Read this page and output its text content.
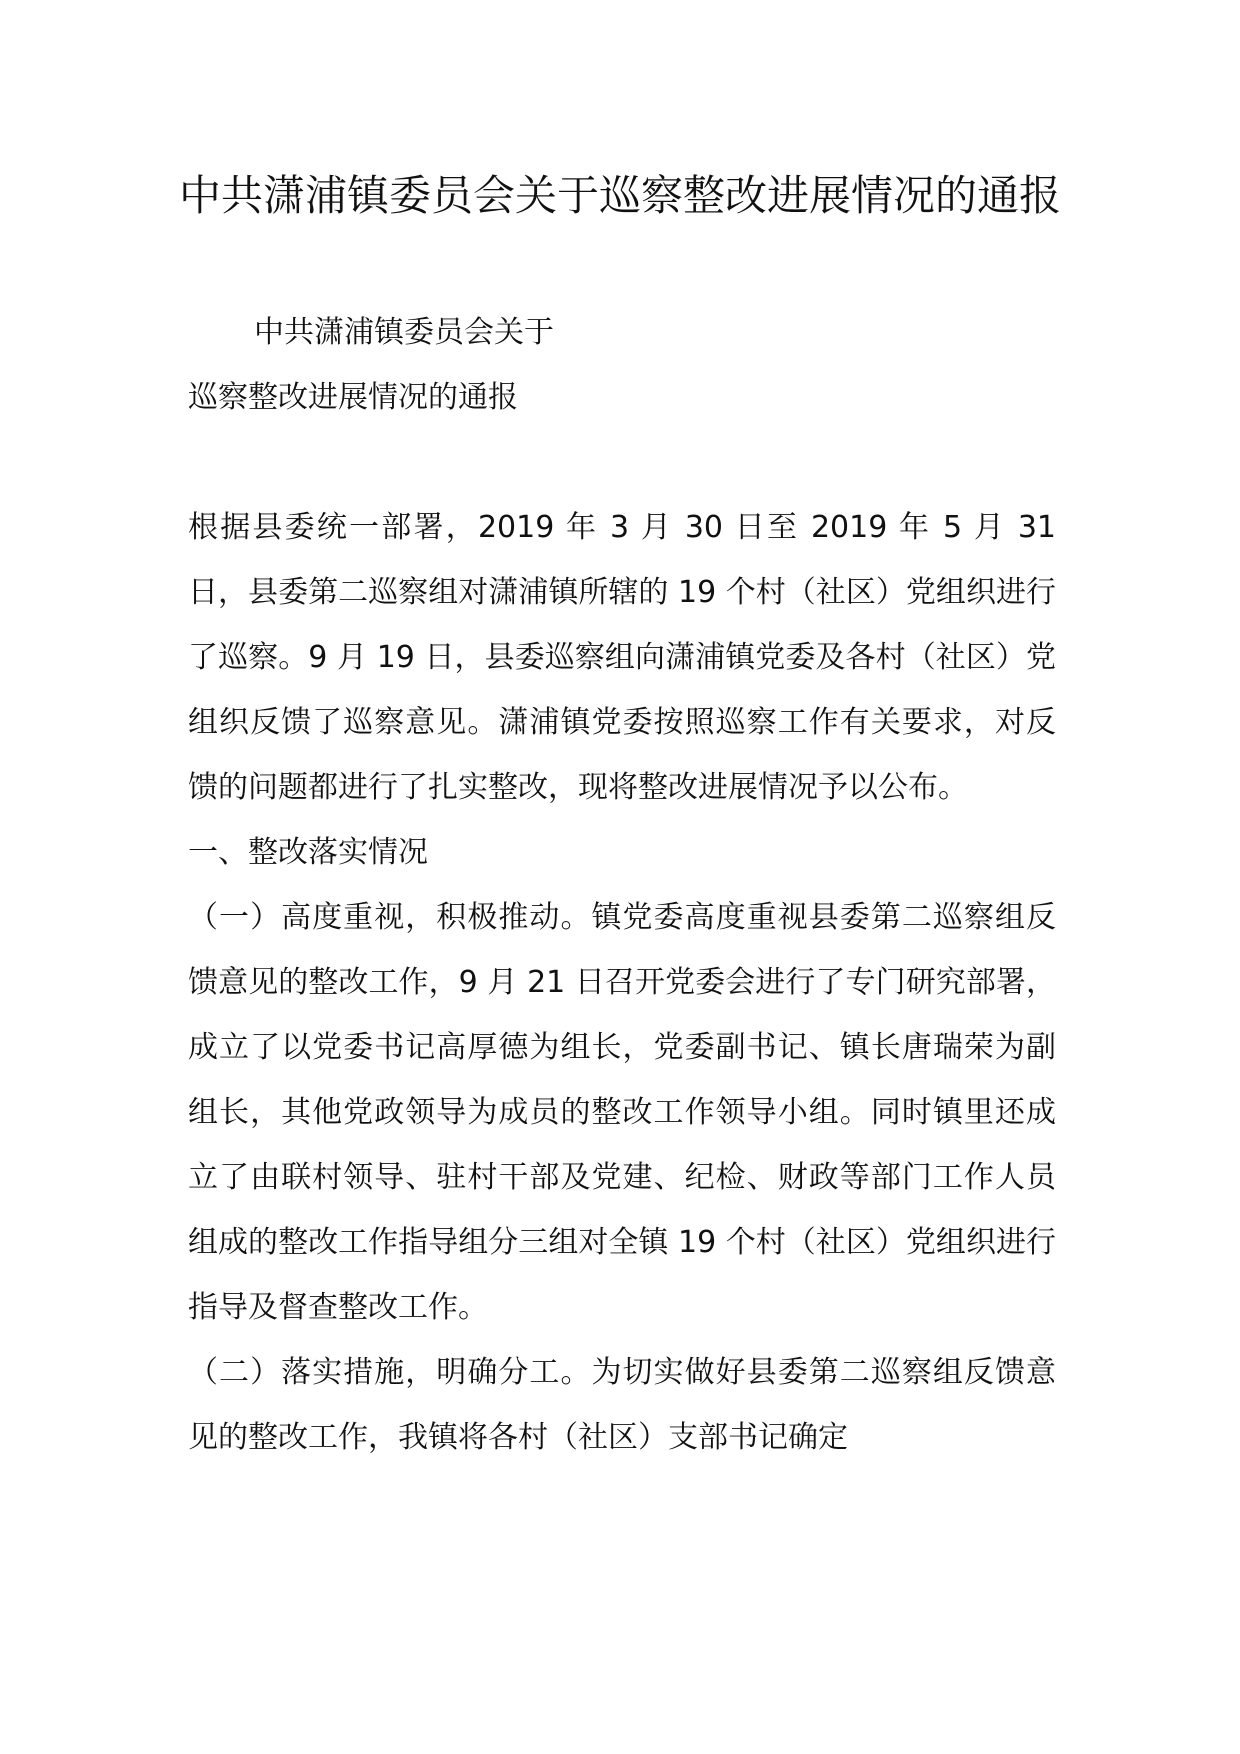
中共潇浦镇委员会关于巡察整改进展情况的通报

中共潇浦镇委员会关于

巡察整改进展情况的通报

根据县委统一部署，2019 年 3 月 30 日至 2019 年 5 月 31 日，县委第二巡察组对潇浦镇所辖的 19 个村（社区）党组织进行了巡察。9 月 19 日，县委巡察组向潇浦镇党委及各村（社区）党组织反馈了巡察意见。潇浦镇党委按照巡察工作有关要求，对反馈的问题都进行了扎实整改，现将整改进展情况予以公布。

一、整改落实情况

（一）高度重视，积极推动。镇党委高度重视县委第二巡察组反馈意见的整改工作，9 月 21 日召开党委会进行了专门研究部署，成立了以党委书记高厚德为组长，党委副书记、镇长唐瑞荣为副组长，其他党政领导为成员的整改工作领导小组。同时镇里还成立了由联村领导、驻村干部及党建、纪检、财政等部门工作人员组成的整改工作指导组分三组对全镇 19 个村（社区）党组织进行指导及督查整改工作。

（二）落实措施，明确分工。为切实做好县委第二巡察组反馈意见的整改工作，我镇将各村（社区）支部书记确定
